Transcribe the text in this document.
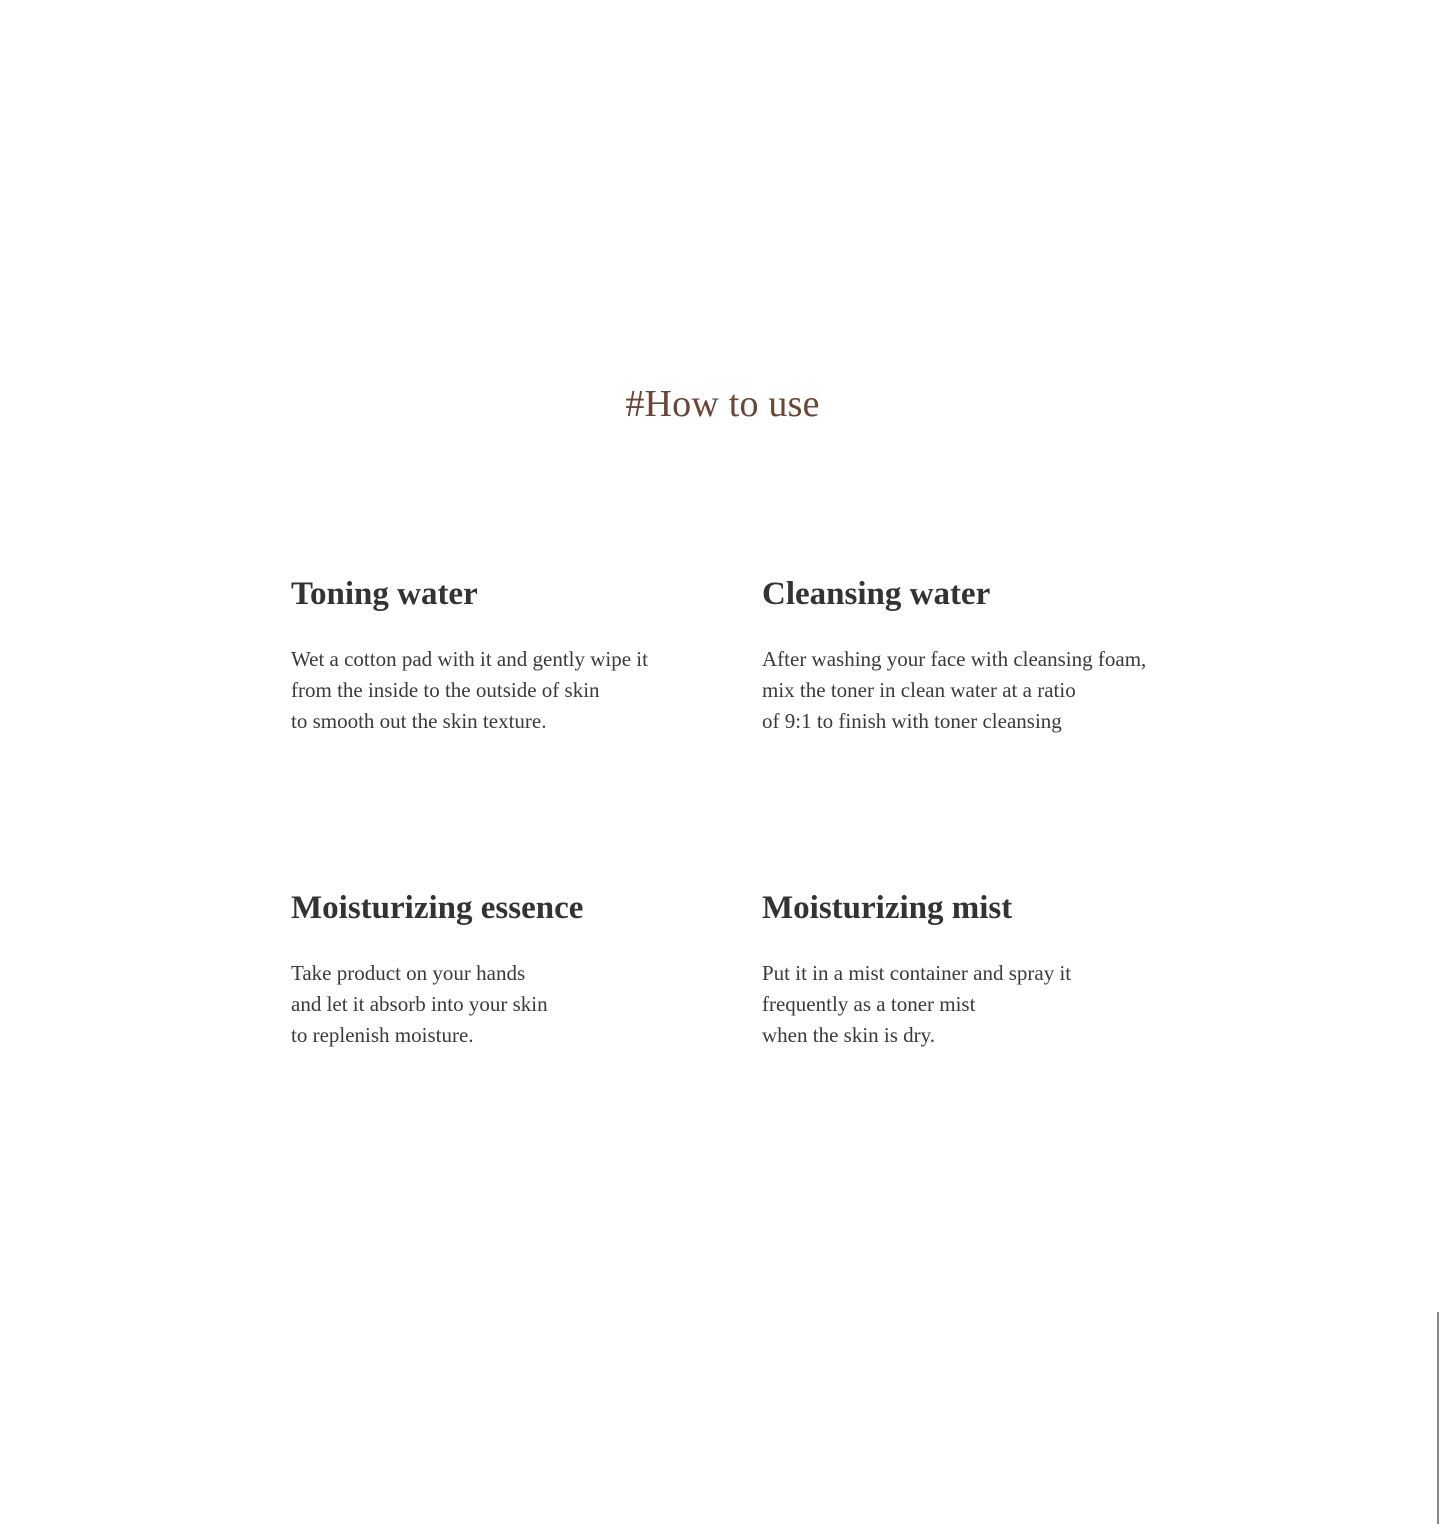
#How to use
Toning water
Wet a cotton pad with it and gently wipe it
from the inside to the outside of skin
to smooth out the skin texture.
Cleansing water
After washing your face with cleansing foam,
mix the toner in clean water at a ratio
of 9:1 to finish with toner cleansing
Moisturizing essence
Take product on your hands
and let it absorb into your skin
to replenish moisture.
Moisturizing mist
Put it in a mist container and spray it
frequently as a toner mist
when the skin is dry.
